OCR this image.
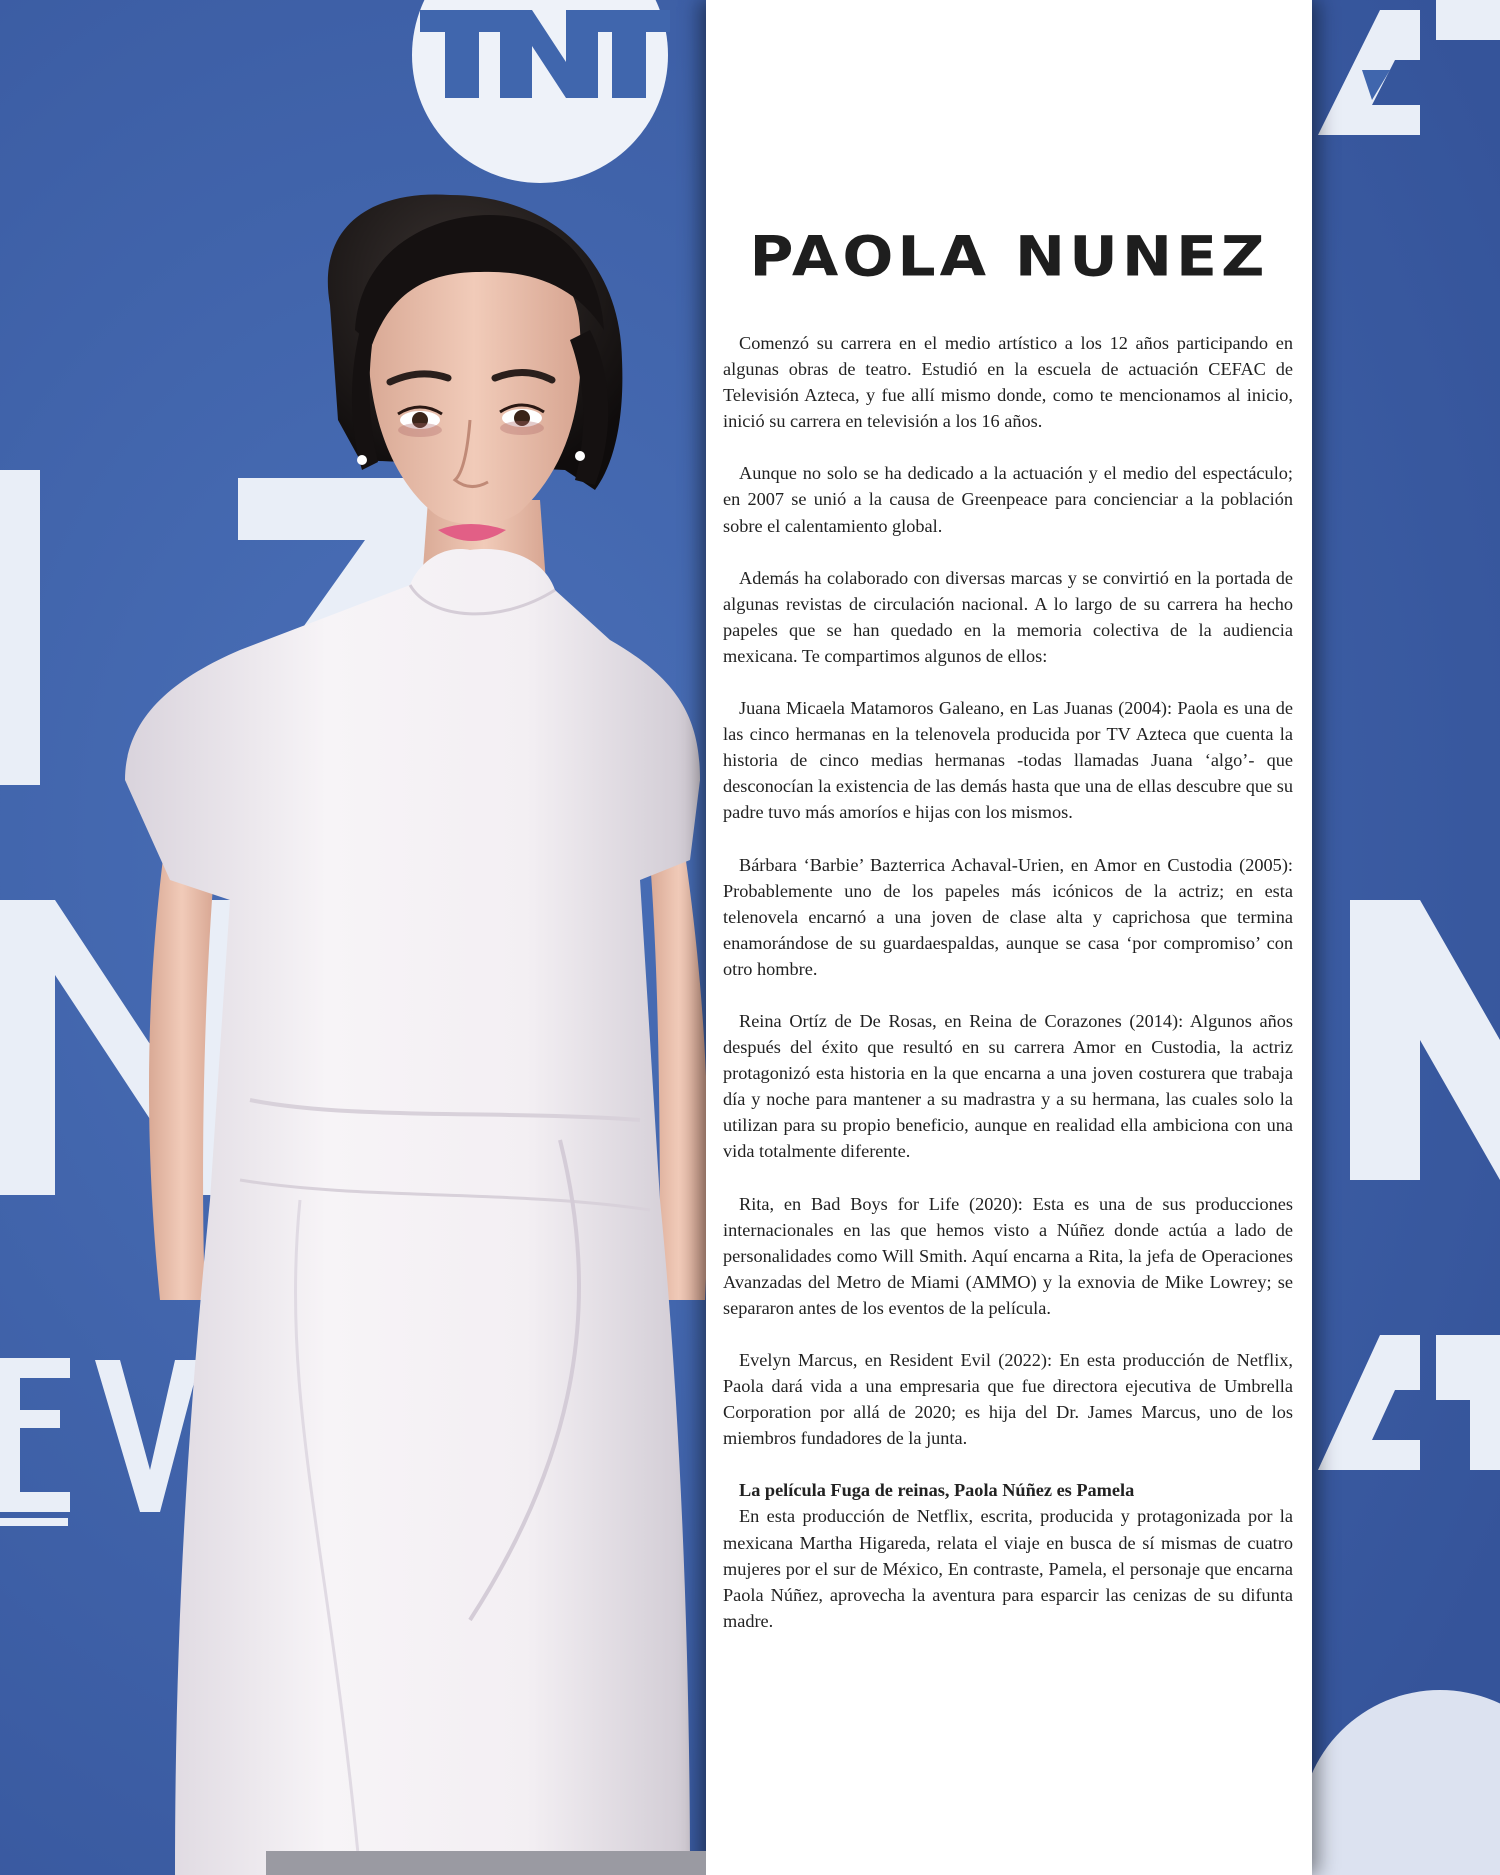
PAOLA NUNEZ

Comenzó su carrera en el medio artístico a los 12 años participando en algunas obras de teatro. Estudió en la escuela de actuación CEFAC de Televisión Azteca, y fue allí mismo donde, como te mencionamos al inicio, inició su carrera en televisión a los 16 años.

Aunque no solo se ha dedicado a la actuación y el medio del espectáculo; en 2007 se unió a la causa de Greenpeace para concienciar a la población sobre el calentamiento global.

Además ha colaborado con diversas marcas y se convirtió en la portada de algunas revistas de circulación nacional. A lo largo de su carrera ha hecho papeles que se han quedado en la memoria colectiva de la audiencia mexicana. Te compartimos algunos de ellos:

Juana Micaela Matamoros Galeano, en Las Juanas (2004): Paola es una de las cinco hermanas en la telenovela producida por TV Azteca que cuenta la historia de cinco medias hermanas -todas llamadas Juana ‘algo’- que desconocían la existencia de las demás hasta que una de ellas descubre que su padre tuvo más amoríos e hijas con los mismos.

Bárbara ‘Barbie’ Bazterrica Achaval-Urien, en Amor en Custodia (2005): Probablemente uno de los papeles más icónicos de la actriz; en esta telenovela encarnó a una joven de clase alta y caprichosa que termina enamorándose de su guardaespaldas, aunque se casa ‘por compromiso’ con otro hombre.

Reina Ortíz de De Rosas, en Reina de Corazones (2014): Algunos años después del éxito que resultó en su carrera Amor en Custodia, la actriz protagonizó esta historia en la que encarna a una joven costurera que trabaja día y noche para mantener a su madrastra y a su hermana, las cuales solo la utilizan para su propio beneficio, aunque en realidad ella ambiciona con una vida totalmente diferente.

Rita, en Bad Boys for Life (2020): Esta es una de sus producciones internacionales en las que hemos visto a Núñez donde actúa a lado de personalidades como Will Smith. Aquí encarna a Rita, la jefa de Operaciones Avanzadas del Metro de Miami (AMMO) y la exnovia de Mike Lowrey; se separaron antes de los eventos de la película.

Evelyn Marcus, en Resident Evil (2022): En esta producción de Netflix, Paola dará vida a una empresaria que fue directora ejecutiva de Umbrella Corporation por allá de 2020; es hija del Dr. James Marcus, uno de los miembros fundadores de la junta.

La película Fuga de reinas, Paola Núñez es Pamela

En esta producción de Netflix, escrita, producida y protagonizada por la mexicana Martha Higareda, relata el viaje en busca de sí mismas de cuatro mujeres por el sur de México, En contraste, Pamela, el personaje que encarna Paola Núñez, aprovecha la aventura para esparcir las cenizas de su difunta madre.
